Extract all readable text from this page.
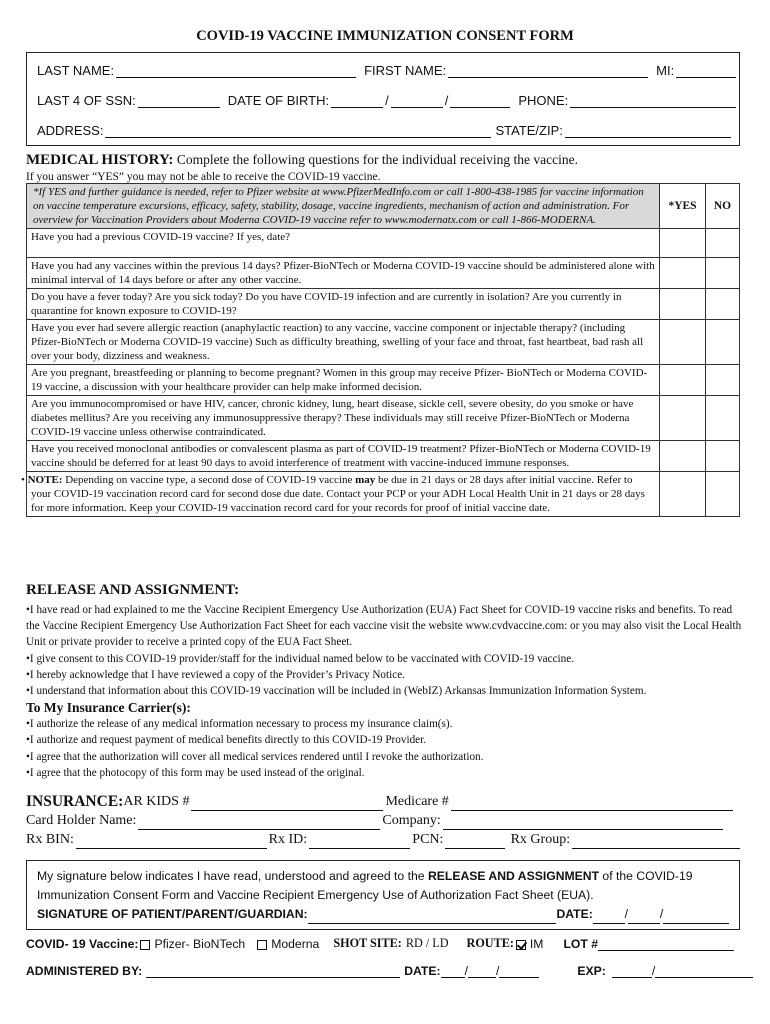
COVID-19 VACCINE IMMUNIZATION CONSENT FORM
LAST NAME:	FIRST NAME:	MI:
LAST 4 OF SSN:	DATE OF BIRTH:	/	/	PHONE:
ADDRESS:	STATE/ZIP:
MEDICAL HISTORY: Complete the following questions for the individual receiving the vaccine.
If you answer “YES” you may not be able to receive the COVID-19 vaccine.
*If YES and further guidance is needed, refer to Pfizer website at www.PfizerMedInfo.com or call 1-800-438-1985 for vaccine information on vaccine temperature excursions, efficacy, safety, stability, dosage, vaccine ingredients, mechanism of action and administration. For overview for Vaccination Providers about Moderna COVID-19 vaccine refer to www.modernatx.com or call 1-866-MODERNA.	*YES	NO
Have you had a previous COVID-19 vaccine? If yes, date?		
Have you had any vaccines within the previous 14 days? Pfizer-BioNTech or Moderna COVID-19 vaccine should be administered alone with minimal interval of 14 days before or after any other vaccine.		
Do you have a fever today? Are you sick today? Do you have COVID-19 infection and are currently in isolation? Are you currently in quarantine for known exposure to COVID-19?		
Have you ever had severe allergic reaction (anaphylactic reaction) to any vaccine, vaccine component or injectable therapy? (including Pfizer-BioNTech or Moderna COVID-19 vaccine) Such as difficulty breathing, swelling of your face and throat, fast heartbeat, bad rash all over your body, dizziness and weakness.		
Are you pregnant, breastfeeding or planning to become pregnant? Women in this group may receive Pfizer- BioNTech or Moderna COVID-19 vaccine, a discussion with your healthcare provider can help make informed decision.		
Are you immunocompromised or have HIV, cancer, chronic kidney, lung, heart disease, sickle cell, severe obesity, do you smoke or have diabetes mellitus? Are you receiving any immunosuppressive therapy? These individuals may still receive Pfizer-BioNTech or Moderna COVID-19 vaccine unless otherwise contraindicated.		
Have you received monoclonal antibodies or convalescent plasma as part of COVID-19 treatment? Pfizer-BioNTech or Moderna COVID-19 vaccine should be deferred for at least 90 days to avoid interference of treatment with vaccine-induced immune responses.		
• NOTE: Depending on vaccine type, a second dose of COVID-19 vaccine may be due in 21 days or 28 days after initial vaccine. Refer to your COVID-19 vaccination record card for second dose due date. Contact your PCP or your ADH Local Health Unit in 21 days or 28 days for more information. Keep your COVID-19 vaccination record card for your records for proof of initial vaccine date.		
RELEASE AND ASSIGNMENT:
•I have read or had explained to me the Vaccine Recipient Emergency Use Authorization (EUA) Fact Sheet for COVID-19 vaccine risks and benefits. To read the Vaccine Recipient Emergency Use Authorization Fact Sheet for each vaccine visit the website www.cvdvaccine.com: or you may also visit the Local Health Unit or private provider to receive a printed copy of the EUA Fact Sheet.
•I give consent to this COVID-19 provider/staff for the individual named below to be vaccinated with COVID-19 vaccine.
•I hereby acknowledge that I have reviewed a copy of the Provider’s Privacy Notice.
•I understand that information about this COVID-19 vaccination will be included in (WebIZ) Arkansas Immunization Information System.
To My Insurance Carrier(s):
•I authorize the release of any medical information necessary to process my insurance claim(s).
•I authorize and request payment of medical benefits directly to this COVID-19 Provider.
•I agree that the authorization will cover all medical services rendered until I revoke the authorization.
•I agree that the photocopy of this form may be used instead of the original.
INSURANCE: AR KIDS #	Medicare #
Card Holder Name:	Company:
Rx BIN:	Rx ID:	PCN:	Rx Group:
My signature below indicates I have read, understood and agreed to the RELEASE AND ASSIGNMENT of the COVID-19 Immunization Consent Form and Vaccine Recipient Emergency Use of Authorization Fact Sheet (EUA).
SIGNATURE OF PATIENT/PARENT/GUARDIAN:	DATE:	/	/
COVID- 19 Vaccine: Pfizer- BioNTech Moderna SHOT SITE: RD / LD ROUTE: IM LOT #
ADMINISTERED BY:	DATE: / /	EXP:	/
